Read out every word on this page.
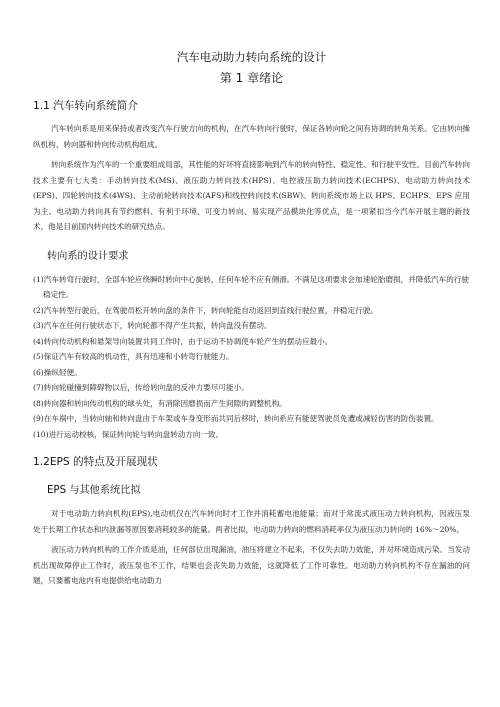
汽车电动助力转向系统的设计
第 1 章绪论
1.1 汽车转向系统简介

汽车转向系是用来保持或者改变汽车行驶方向的机构，在汽车转向行驶时，保证各转向轮之间有协调的转角关系。它由转向操纵机构、转向器和转向传动机构组成。

转向系统作为汽车的一个重要组成局部，其性能的好坏将直接影响到汽车的转向特性、稳定性、和行驶平安性。目前汽车转向技术主要有七大类：手动转向技术(MS)、液压助力转向技术(HPS)、电控液压助力转向技术(ECHPS)、电动助力转向技术(EPS)、四轮转向技术(4WS)、主动前轮转向技术(AFS)和线控转向技术(SBW)。转向系统市场上以 HPS、ECHPS、EPS 应用为主。电动助力转向具有节约燃料、有利于环境、可变力转向、易实现产品模块化等优点，是一项紧扣当今汽车开展主题的新技术，他是目前国内转向技术的研究热点。

转向系的设计要求
(1)汽车转弯行驶时，全部车轮应绕瞬时转向中心旋转，任何车轮不应有侧滑。不满足这项要求会加速轮胎磨损，并降低汽车的行驶稳定性。
(2)汽车转型行驶后，在驾驶员松开转向盘的条件下，转向轮能自动返回到直线行驶位置，并稳定行驶。
(3)汽车在任何行驶状态下，转向轮都不得产生共振，转向盘没有摆动。
(4)转向传动机构和悬架导向装置共同工作时，由于运动不协调使车轮产生的摆动应最小。
(5)保证汽车有较高的机动性，具有迅速和小转弯行驶能力。
(6)操纵轻便。
(7)转向轮碰撞到障碍物以后，传给转向盘的反冲力要尽可能小。
(8)转向器和转向传动机构的球头处，有消除因磨损而产生间隙的调整机构。
(9)在车祸中，当转向轴和转向盘由于车架或车身变形而共同后移时，转向系应有能使驾驶员免遭或减轻伤害的防伤装置。
(10)进行运动校核，保证转向轮与转向盘转动方向一致。
1.2EPS 的特点及开展现状
EPS 与其他系统比拟

对于电动助力转向机构(EPS),电动机仅在汽车转向时才工作并消耗蓄电池能量；而对于常流式液压动力转向机构，因液压泵处于长期工作状态和内泄漏等原因要消耗较多的能量。两者比拟，电动助力转向的燃料消耗率仅为液压动力转向的 16%～20%。

液压动力转向机构的工作介质是油，任何部位出现漏油，油压将建立不起来，不仅失去助力效能，并对环境造成污染。当发动机出现故障停止工作时，液压泵也不工作，结果也会丧失助力效能，这就降低了工作可靠性。电动助力转向机构不存在漏油的问题，只要蓄电池内有电提供给电动助力
